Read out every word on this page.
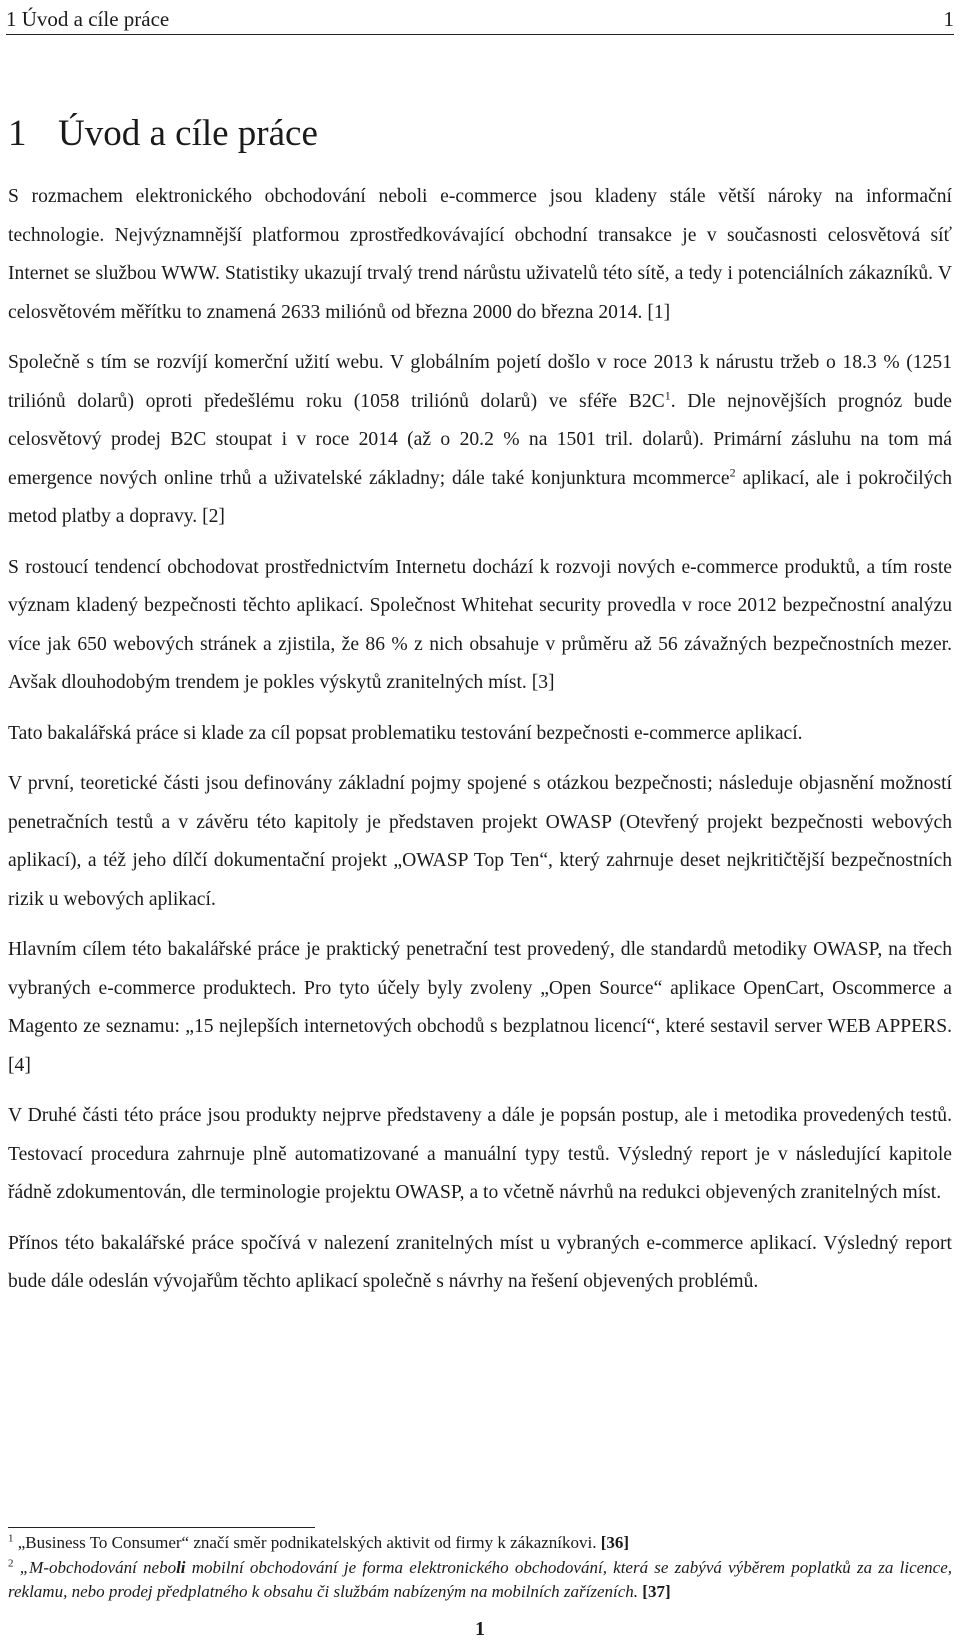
1 Úvod a cíle práce	1
1 Úvod a cíle práce

S rozmachem elektronického obchodování neboli e-commerce jsou kladeny stále větší nároky na informační technologie. Nejvýznamnější platformou zprostředkovávající obchodní transakce je v současnosti celosvětová síť Internet se službou WWW. Statistiky ukazují trvalý trend nárůstu uživatelů této sítě, a tedy i potenciálních zákazníků. V celosvětovém měřítku to znamená 2633 miliónů od března 2000 do března 2014. [1]

Společně s tím se rozvíjí komerční užití webu. V globálním pojetí došlo v roce 2013 k nárustu tržeb o 18.3 % (1251 triliónů dolarů) oproti předešlému roku (1058 triliónů dolarů) ve sféře $B2C^1$. Dle nejnovějších prognóz bude celosvětový prodej B2C stoupat i v roce 2014 (až o 20.2 % na 1501 tril. dolarů). Primární zásluhu na tom má emergence nových online trhů a uživatelské základny; dále také konjunktura mcommerce$^2$ aplikací, ale i pokročilých metod platby a dopravy. [2]

S rostoucí tendencí obchodovat prostřednictvím Internetu dochází k rozvoji nových e-commerce produktů, a tím roste význam kladený bezpečnosti těchto aplikací. Společnost Whitehat security provedla v roce 2012 bezpečnostní analýzu více jak 650 webových stránek a zjistila, že 86 % z nich obsahuje v průměru až 56 závažných bezpečnostních mezer. Avšak dlouhodobým trendem je pokles výskytů zranitelných míst. [3]

Tato bakalářská práce si klade za cíl popsat problematiku testování bezpečnosti e-commerce aplikací.

V první, teoretické části jsou definovány základní pojmy spojené s otázkou bezpečnosti; následuje objasnění možností penetračních testů a v závěru této kapitoly je představen projekt OWASP (Otevřený projekt bezpečnosti webových aplikací), a též jeho dílčí dokumentační projekt „OWASP Top Ten“, který zahrnuje deset nejkritičtější bezpečnostních rizik u webových aplikací.

Hlavním cílem této bakalářské práce je praktický penetrační test provedený, dle standardů metodiky OWASP, na třech vybraných e-commerce produktech. Pro tyto účely byly zvoleny „Open Source“ aplikace OpenCart, Oscommerce a Magento ze seznamu: „15 nejlepších internetových obchodů s bezplatnou licencí“, které sestavil server WEB APPERS. [4]

V Druhé části této práce jsou produkty nejprve představeny a dále je popsán postup, ale i metodika provedených testů. Testovací procedura zahrnuje plně automatizované a manuální typy testů. Výsledný report je v následující kapitole řádně zdokumentován, dle terminologie projektu OWASP, a to včetně návrhů na redukci objevených zranitelných míst.

Přínos této bakalářské práce spočívá v nalezení zranitelných míst u vybraných e-commerce aplikací. Výsledný report bude dále odeslán vývojařům těchto aplikací společně s návrhy na řešení objevených problémů.

$^1$ „Business To Consumer“ značí směr podnikatelských aktivit od firmy k zákazníkovi. [36]

$^2$ „M-obchodování neboli mobilní obchodování je forma elektronického obchodování, která se zabývá výběrem poplatků za za licence, reklamu, nebo prodej předplatného k obsahu či službám nabízeným na mobilních zařízeních. [37]

1
